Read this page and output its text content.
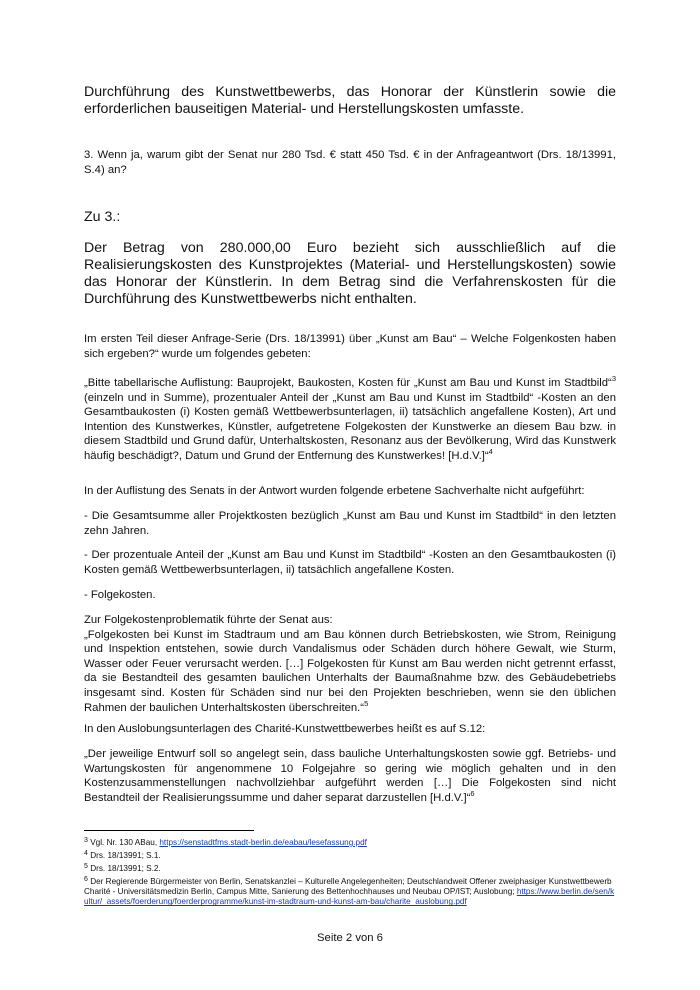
Durchführung des Kunstwettbewerbs, das Honorar der Künstlerin sowie die erforderlichen bauseitigen Material- und Herstellungskosten umfasste.

3. Wenn ja, warum gibt der Senat nur 280 Tsd. € statt 450 Tsd. € in der Anfrageantwort (Drs. 18/13991, S.4) an?

Zu 3.:

Der Betrag von 280.000,00 Euro bezieht sich ausschließlich auf die Realisierungskosten des Kunstprojektes (Material- und Herstellungskosten) sowie das Honorar der Künstlerin. In dem Betrag sind die Verfahrenskosten für die Durchführung des Kunstwettbewerbs nicht enthalten.

Im ersten Teil dieser Anfrage-Serie (Drs. 18/13991) über „Kunst am Bau“ – Welche Folgenkosten haben sich ergeben?“ wurde um folgendes gebeten:

„Bitte tabellarische Auflistung: Bauprojekt, Baukosten, Kosten für „Kunst am Bau und Kunst im Stadtbild“$^3$ (einzeln und in Summe), prozentualer Anteil der „Kunst am Bau und Kunst im Stadtbild“ -Kosten an den Gesamtbaukosten (i) Kosten gemäß Wettbewerbsunterlagen, ii) tatsächlich angefallene Kosten), Art und Intention des Kunstwerkes, Künstler, aufgetretene Folgekosten der Kunstwerke an diesem Bau bzw. in diesem Stadtbild und Grund dafür, Unterhaltskosten, Resonanz aus der Bevölkerung, Wird das Kunstwerk häufig beschädigt?, Datum und Grund der Entfernung des Kunstwerkes! [H.d.V.]“$^4$

In der Auflistung des Senats in der Antwort wurden folgende erbetene Sachverhalte nicht aufgeführt:

- Die Gesamtsumme aller Projektkosten bezüglich „Kunst am Bau und Kunst im Stadtbild“ in den letzten zehn Jahren.

- Der prozentuale Anteil der „Kunst am Bau und Kunst im Stadtbild“ -Kosten an den Gesamtbaukosten (i) Kosten gemäß Wettbewerbsunterlagen, ii) tatsächlich angefallene Kosten.

- Folgekosten.

Zur Folgekostenproblematik führte der Senat aus:
„Folgekosten bei Kunst im Stadtraum und am Bau können durch Betriebskosten, wie Strom, Reinigung und Inspektion entstehen, sowie durch Vandalismus oder Schäden durch höhere Gewalt, wie Sturm, Wasser oder Feuer verursacht werden. […] Folgekosten für Kunst am Bau werden nicht getrennt erfasst, da sie Bestandteil des gesamten baulichen Unterhalts der Baumaßnahme bzw. des Gebäudebetriebs insgesamt sind. Kosten für Schäden sind nur bei den Projekten beschrieben, wenn sie den üblichen Rahmen der baulichen Unterhaltskosten überschreiten.“$^5$

In den Auslobungsunterlagen des Charité-Kunstwettbewerbes heißt es auf S.12:

„Der jeweilige Entwurf soll so angelegt sein, dass bauliche Unterhaltungskosten sowie ggf. Betriebs- und Wartungskosten für angenommene 10 Folgejahre so gering wie möglich gehalten und in den Kostenzusammenstellungen nachvollziehbar aufgeführt werden […] Die Folgekosten sind nicht Bestandteil der Realisierungssumme und daher separat darzustellen [H.d.V.]“$^6$

$^3$ Vgl. Nr. 130 ABau, https://senstadtfms.stadt-berlin.de/eabau/lesefassung.pdf
$^4$ Drs. 18/13991; S.1.
$^5$ Drs. 18/13991; S.2.
$^6$ Der Regierende Bürgermeister von Berlin, Senatskanzlei – Kulturelle Angelegenheiten; Deutschlandweit Offener zweiphasiger Kunstwettbewerb Charité - Universitätsmedizin Berlin, Campus Mitte, Sanierung des Bettenhochhauses und Neubau OP/IST; Auslobung; https://www.berlin.de/sen/kultur/_assets/foerderung/foerderprogramme/kunst-im-stadtraum-und-kunst-am-bau/charite_auslobung.pdf
Seite 2 von 6
